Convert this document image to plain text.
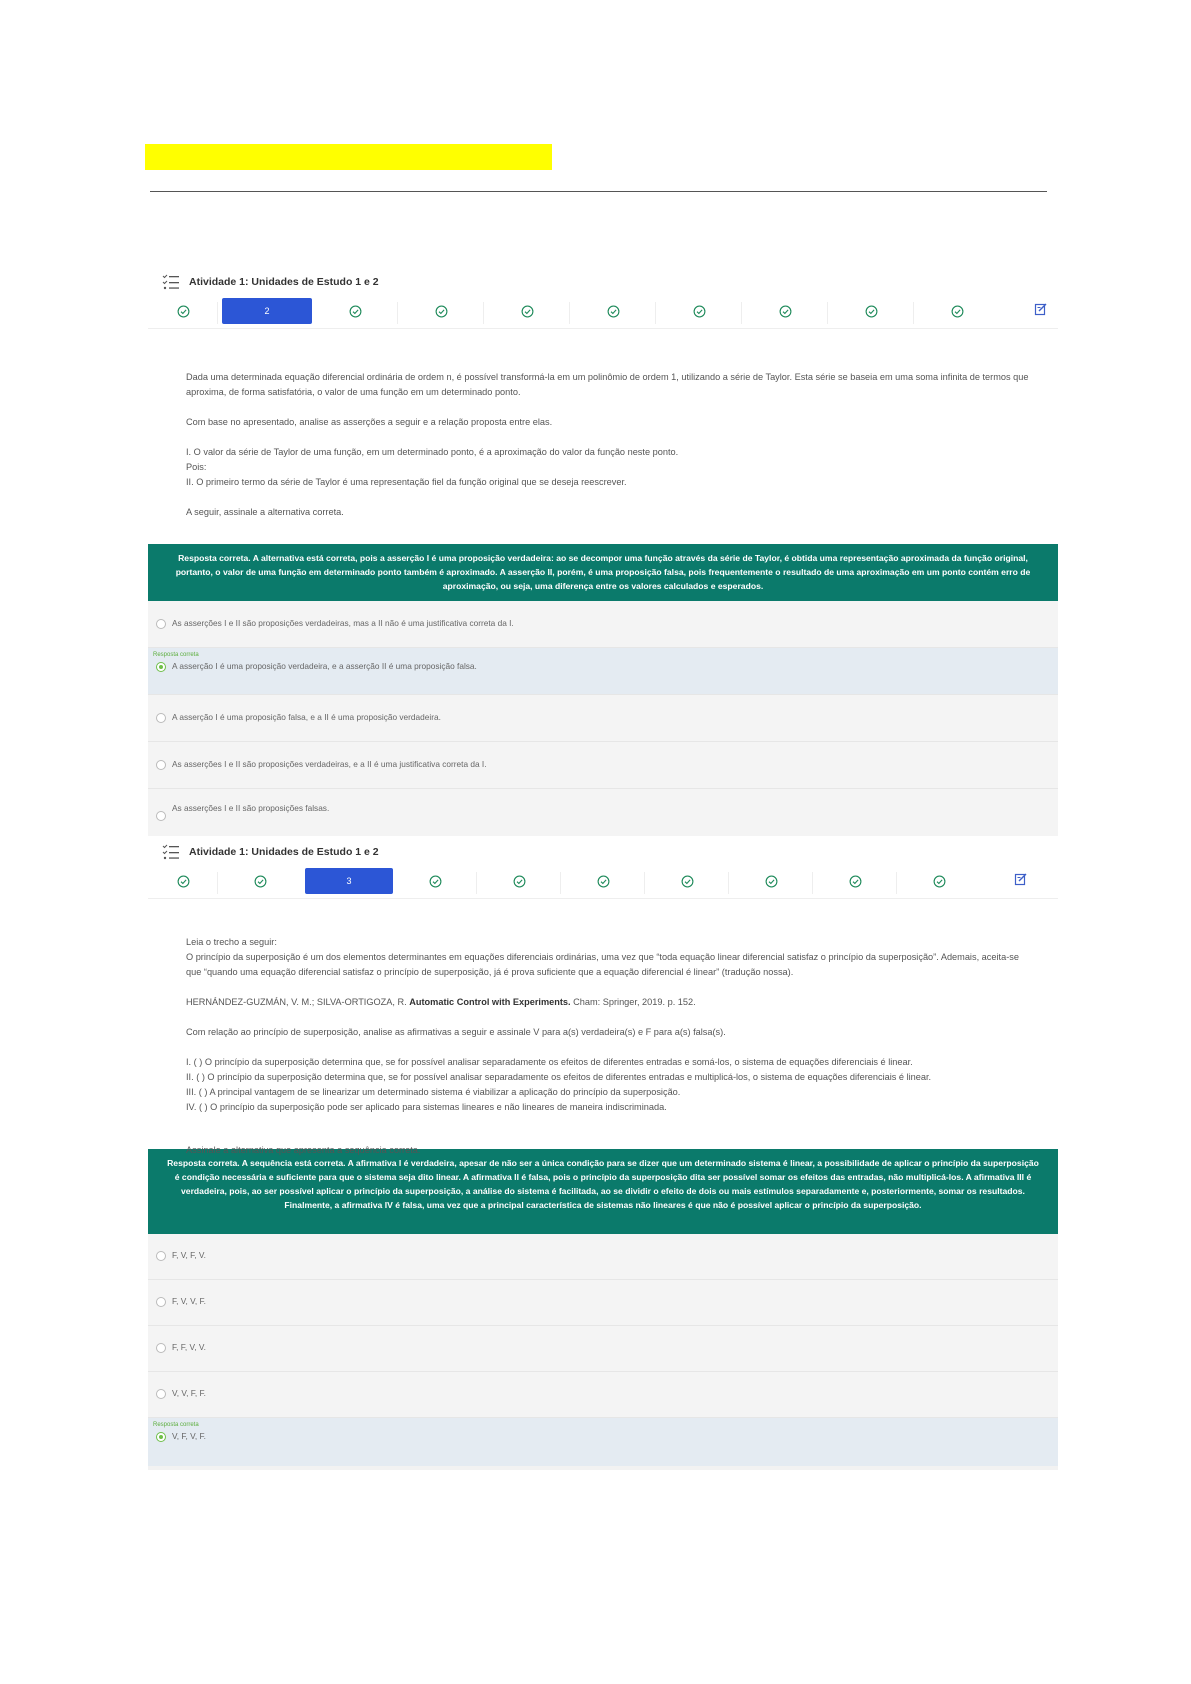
Atividade 1: Unidades de Estudo 1 e 2
2

Dada uma determinada equação diferencial ordinária de ordem n, é possível transformá-la em um polinômio de ordem 1, utilizando a série de Taylor. Esta série se baseia em uma soma infinita de termos que aproxima, de forma satisfatória, o valor de uma função em um determinado ponto.

Com base no apresentado, analise as asserções a seguir e a relação proposta entre elas.

I. O valor da série de Taylor de uma função, em um determinado ponto, é a aproximação do valor da função neste ponto.
Pois:
II. O primeiro termo da série de Taylor é uma representação fiel da função original que se deseja reescrever.

A seguir, assinale a alternativa correta.

Resposta correta. A alternativa está correta, pois a asserção I é uma proposição verdadeira: ao se decompor uma função através da série de Taylor, é obtida uma representação aproximada da função original, portanto, o valor de uma função em determinado ponto também é aproximado. A asserção II, porém, é uma proposição falsa, pois frequentemente o resultado de uma aproximação em um ponto contém erro de aproximação, ou seja, uma diferença entre os valores calculados e esperados.
As asserções I e II são proposições verdadeiras, mas a II não é uma justificativa correta da I.
Resposta correta
A asserção I é uma proposição verdadeira, e a asserção II é uma proposição falsa.
A asserção I é uma proposição falsa, e a II é uma proposição verdadeira.
As asserções I e II são proposições verdadeiras, e a II é uma justificativa correta da I.
As asserções I e II são proposições falsas.
Atividade 1: Unidades de Estudo 1 e 2
3

Leia o trecho a seguir:
O princípio da superposição é um dos elementos determinantes em equações diferenciais ordinárias, uma vez que “toda equação linear diferencial satisfaz o princípio da superposição”. Ademais, aceita-se que “quando uma equação diferencial satisfaz o princípio de superposição, já é prova suficiente que a equação diferencial é linear” (tradução nossa).

HERNÁNDEZ-GUZMÁN, V. M.; SILVA-ORTIGOZA, R. Automatic Control with Experiments. Cham: Springer, 2019. p. 152.

Com relação ao princípio de superposição, analise as afirmativas a seguir e assinale V para a(s) verdadeira(s) e F para a(s) falsa(s).

I. ( ) O princípio da superposição determina que, se for possível analisar separadamente os efeitos de diferentes entradas e somá-los, o sistema de equações diferenciais é linear.
II. ( ) O princípio da superposição determina que, se for possível analisar separadamente os efeitos de diferentes entradas e multiplicá-los, o sistema de equações diferenciais é linear.
III. ( ) A principal vantagem de se linearizar um determinado sistema é viabilizar a aplicação do princípio da superposição.
IV. ( ) O princípio da superposição pode ser aplicado para sistemas lineares e não lineares de maneira indiscriminada.

Assinale a alternativa que apresenta a sequência correta.

Resposta correta. A sequência está correta. A afirmativa I é verdadeira, apesar de não ser a única condição para se dizer que um determinado sistema é linear, a possibilidade de aplicar o princípio da superposição é condição necessária e suficiente para que o sistema seja dito linear. A afirmativa II é falsa, pois o princípio da superposição dita ser possível somar os efeitos das entradas, não multiplicá-los. A afirmativa III é verdadeira, pois, ao ser possível aplicar o princípio da superposição, a análise do sistema é facilitada, ao se dividir o efeito de dois ou mais estímulos separadamente e, posteriormente, somar os resultados. Finalmente, a afirmativa IV é falsa, uma vez que a principal característica de sistemas não lineares é que não é possível aplicar o princípio da superposição.
F, V, F, V.
F, V, V, F.
F, F, V, V.
V, V, F, F.
Resposta correta
V, F, V, F.
